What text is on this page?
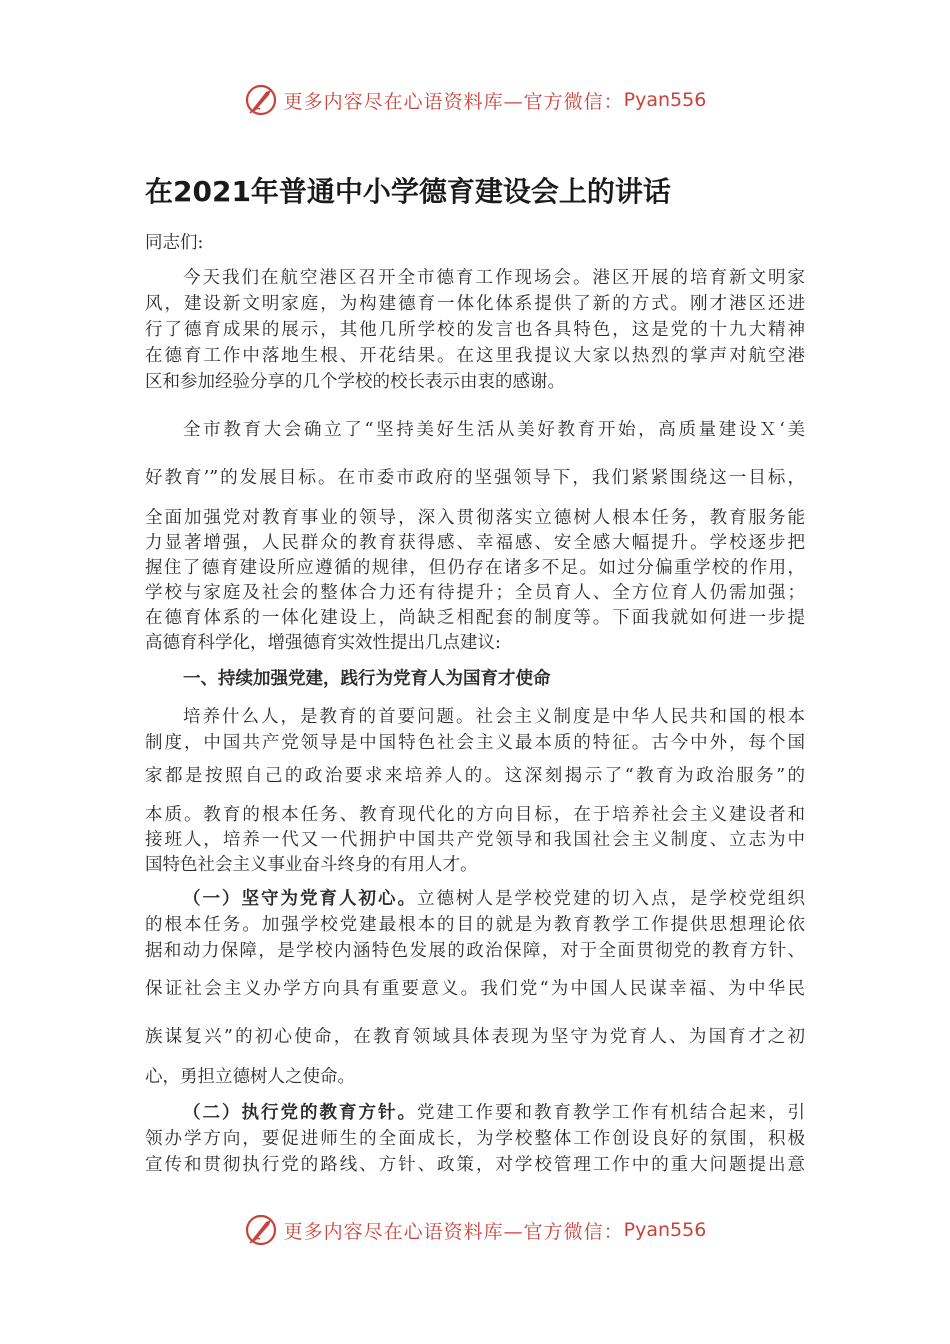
更多内容尽在心语资料库—官方微信： Pyan556
在2021年普通中小学德育建设会上的讲话
同志们:
今天我们在航空港区召开全市德育工作现场会。港区开展的培育新文明家
风，建设新文明家庭，为构建德育一体化体系提供了新的方式。刚才港区还进
行了德育成果的展示，其他几所学校的发言也各具特色，这是党的十九大精神
在德育工作中落地生根、开花结果。在这里我提议大家以热烈的掌声对航空港
区和参加经验分享的几个学校的校长表示由衷的感谢。
全市教育大会确立了“坚持美好生活从美好教育开始，高质量建设Ｘ‘美
好教育’”的发展目标。在市委市政府的坚强领导下，我们紧紧围绕这一目标，
全面加强党对教育事业的领导，深入贯彻落实立德树人根本任务，教育服务能
力显著增强，人民群众的教育获得感、幸福感、安全感大幅提升。学校逐步把
握住了德育建设所应遵循的规律，但仍存在诸多不足。如过分偏重学校的作用，
学校与家庭及社会的整体合力还有待提升；全员育人、全方位育人仍需加强；
在德育体系的一体化建设上，尚缺乏相配套的制度等。下面我就如何进一步提
高德育科学化，增强德育实效性提出几点建议:
一、持续加强党建，践行为党育人为国育才使命
培养什么人，是教育的首要问题。社会主义制度是中华人民共和国的根本
制度，中国共产党领导是中国特色社会主义最本质的特征。古今中外，每个国
家都是按照自己的政治要求来培养人的。这深刻揭示了“教育为政治服务”的
本质。教育的根本任务、教育现代化的方向目标，在于培养社会主义建设者和
接班人，培养一代又一代拥护中国共产党领导和我国社会主义制度、立志为中
国特色社会主义事业奋斗终身的有用人才。
（一）坚守为党育人初心。立德树人是学校党建的切入点，是学校党组织
的根本任务。加强学校党建最根本的目的就是为教育教学工作提供思想理论依
据和动力保障，是学校内涵特色发展的政治保障，对于全面贯彻党的教育方针、
保证社会主义办学方向具有重要意义。我们党“为中国人民谋幸福、为中华民
族谋复兴”的初心使命，在教育领域具体表现为坚守为党育人、为国育才之初
心，勇担立德树人之使命。
（二）执行党的教育方针。党建工作要和教育教学工作有机结合起来，引
领办学方向，要促进师生的全面成长，为学校整体工作创设良好的氛围，积极
宣传和贯彻执行党的路线、方针、政策，对学校管理工作中的重大问题提出意
更多内容尽在心语资料库—官方微信： Pyan556
